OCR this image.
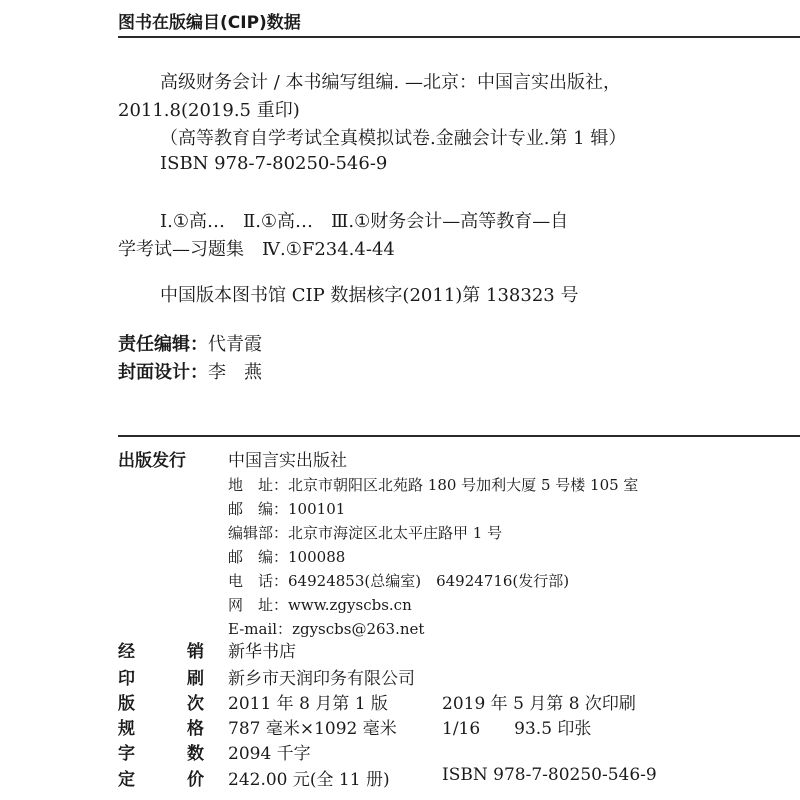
图书在版编目(CIP)数据
高级财务会计 / 本书编写组编. —北京：中国言实出版社，
2011.8(2019.5 重印)
（高等教育自学考试全真模拟试卷.金融会计专业.第 1 辑）
ISBN 978-7-80250-546-9
Ⅰ.①高…　Ⅱ.①高…　Ⅲ.①财务会计—高等教育—自
学考试—习题集　Ⅳ.①F234.4-44
中国版本图书馆 CIP 数据核字(2011)第 138323 号
责任编辑：代青霞
封面设计：李　燕
出版发行 中国言实出版社
地　址：北京市朝阳区北苑路 180 号加利大厦 5 号楼 105 室
邮　编：100101
编辑部：北京市海淀区北太平庄路甲 1 号
邮　编：100088
电　话：64924853(总编室)　64924716(发行部)
网　址：www.zgyscbs.cn
E-mail：zgyscbs@263.net
经	销 新华书店
印	刷 新乡市天润印务有限公司
版	次 2011 年 8 月第 1 版	2019 年 5 月第 8 次印刷
规	格 787 毫米×1092 毫米	1/16　　93.5 印张
字	数 2094 千字
定	价 242.00 元(全 11 册)	ISBN 978-7-80250-546-9
